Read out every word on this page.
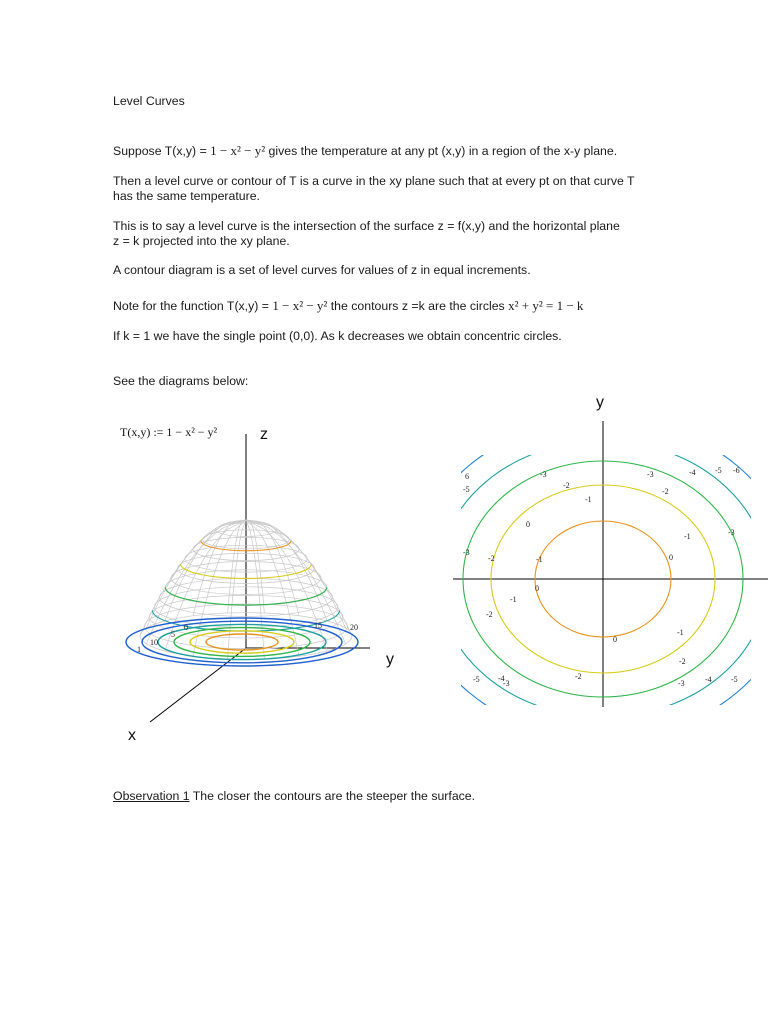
Level Curves

Suppose T(x,y) = 1 − x² − y² gives the temperature at any pt (x,y) in a region of the x-y plane.

Then a level curve or contour of T is a curve in the xy plane such that at every pt on that curve T

has the same temperature.

This is to say a level curve is the intersection of the surface z = f(x,y) and the horizontal plane

z = k projected into the xy plane.

A contour diagram is a set of level curves for values of z in equal increments.

Note for the function T(x,y) = 1 − x² − y² the contours z =k are the circles x² + y² = 1 − k

If k = 1 we have the single point (0,0). As k decreases we obtain concentric circles.

See the diagrams below:

T(x,y) := 1 − x² − y²	z
y
x
15	20
10
5
0
1
y
0
0
0
0
-1
-1
-1
-1
-1
-2
-2
-2
-2
-2
-2
-3
-3
-3
-3
-3
-3
-4
-4	-4
-5
-5
-5	-5
6
-6

Observation 1 The closer the contours are the steeper the surface.
